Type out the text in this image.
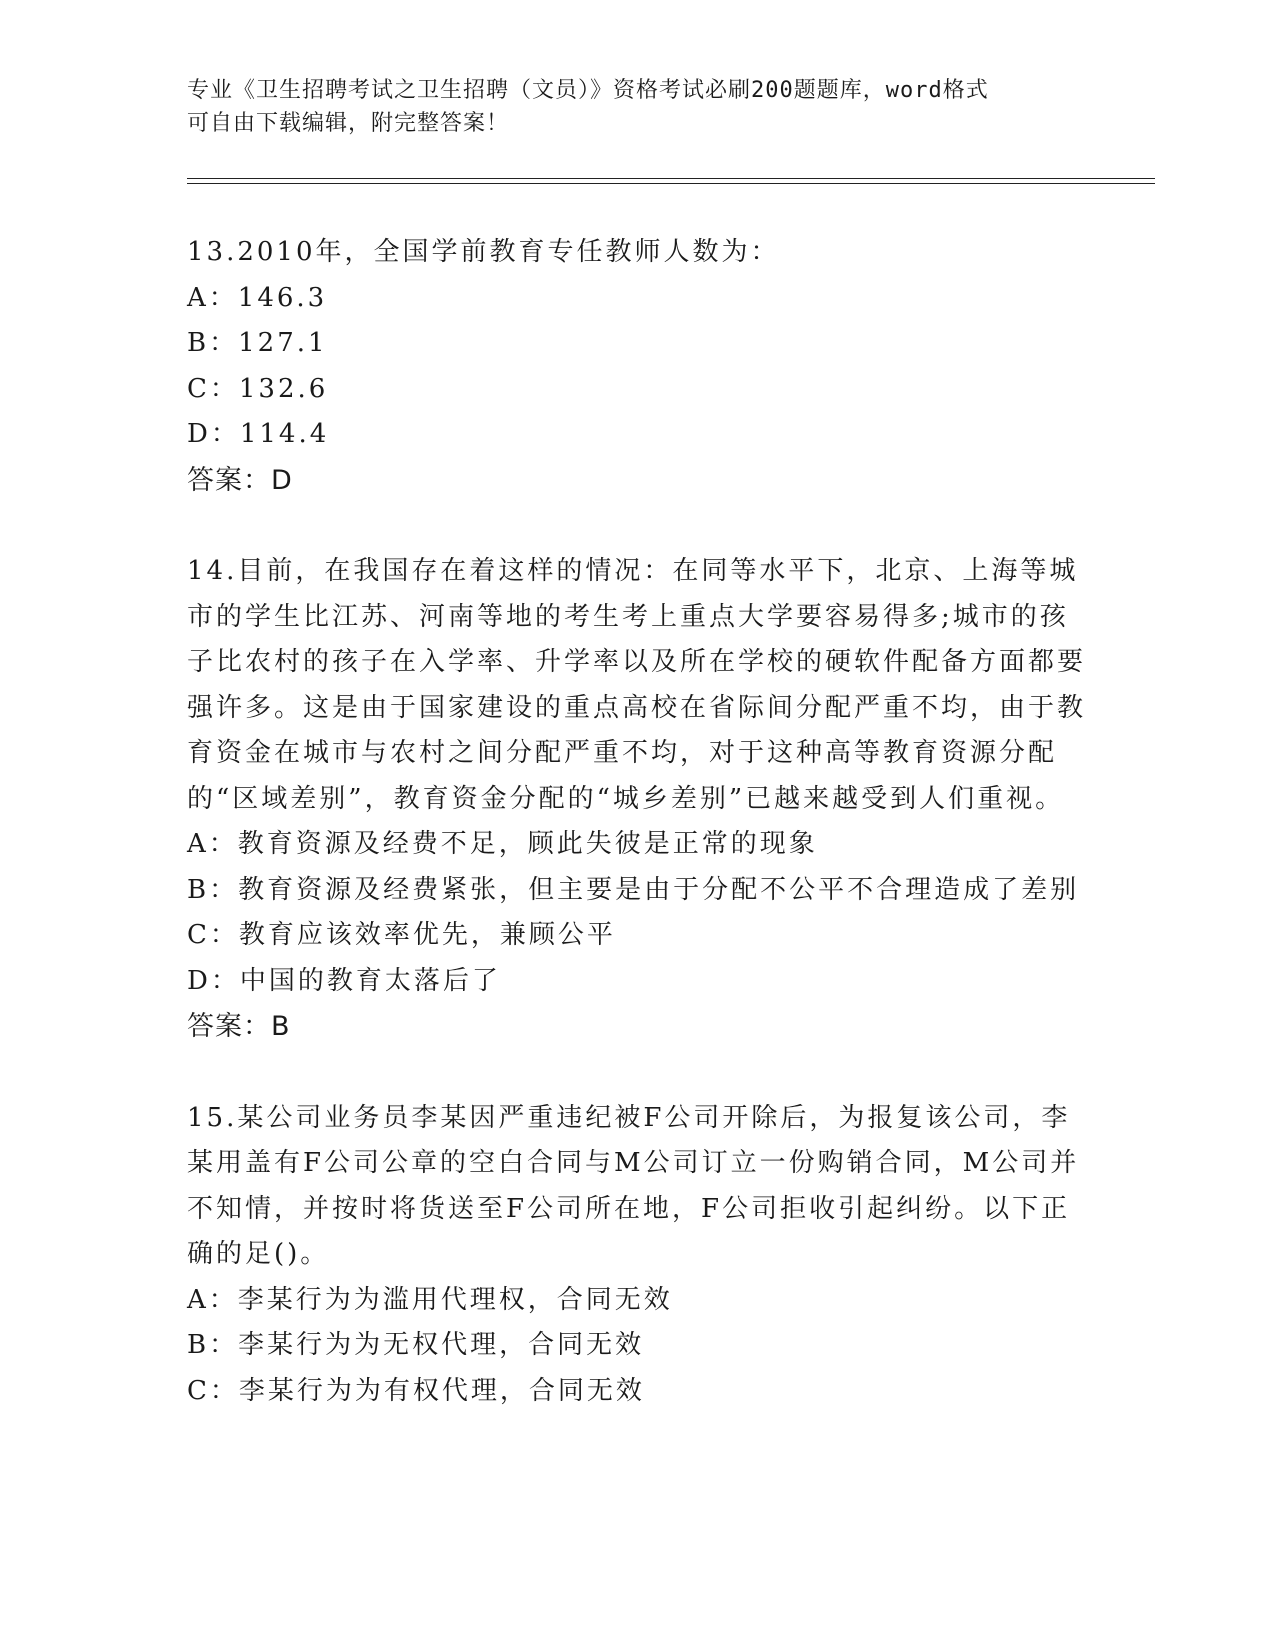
专业《卫生招聘考试之卫生招聘（文员）》资格考试必刷200题题库，word格式
可自由下载编辑，附完整答案！

13.2010年，全国学前教育专任教师人数为：

A：146.3

B：127.1

C：132.6

D：114.4

答案：D

14.目前，在我国存在着这样的情况：在同等水平下，北京、上海等城市的学生比江苏、河南等地的考生考上重点大学要容易得多;城市的孩子比农村的孩子在入学率、升学率以及所在学校的硬软件配备方面都要强许多。这是由于国家建设的重点高校在省际间分配严重不均，由于教育资金在城市与农村之间分配严重不均，对于这种高等教育资源分配的“区域差别”，教育资金分配的“城乡差别”已越来越受到人们重视。

A：教育资源及经费不足，顾此失彼是正常的现象

B：教育资源及经费紧张，但主要是由于分配不公平不合理造成了差别

C：教育应该效率优先，兼顾公平

D：中国的教育太落后了

答案：B

15.某公司业务员李某因严重违纪被F公司开除后，为报复该公司，李某用盖有F公司公章的空白合同与M公司订立一份购销合同，M公司并不知情，并按时将货送至F公司所在地，F公司拒收引起纠纷。以下正确的足()。

A：李某行为为滥用代理权，合同无效

B：李某行为为无权代理，合同无效

C：李某行为为有权代理，合同无效
